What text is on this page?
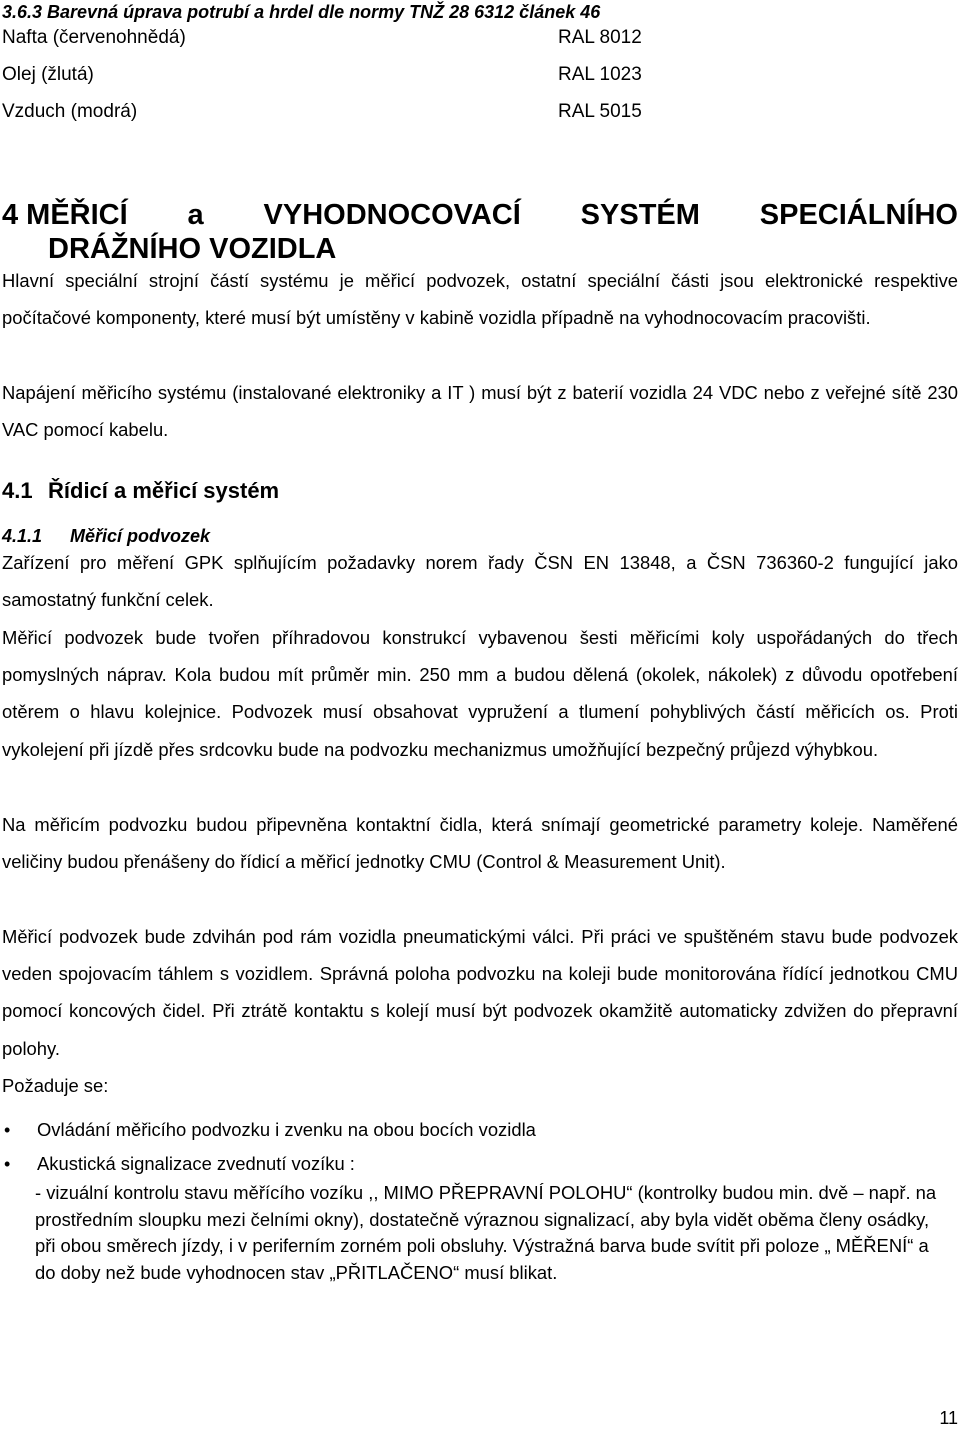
3.6.3 Barevná úprava potrubí a hrdel dle normy TNŽ 28 6312 článek 46
Nafta (červenohnědá)	RAL 8012
Olej (žlutá)	RAL 1023
Vzduch (modrá)	RAL 5015
4 MĚŘICÍ a VYHODNOCOVACÍ SYSTÉM SPECIÁLNÍHO
DRÁŽNÍHO VOZIDLA
Hlavní speciální strojní částí systému je měřicí podvozek, ostatní speciální části jsou elektronické respektive počítačové komponenty, které musí být umístěny v kabině vozidla případně na vyhodnocovacím pracovišti.
Napájení měřicího systému (instalované elektroniky a IT ) musí být z baterií vozidla 24 VDC nebo z veřejné sítě 230 VAC pomocí kabelu.
4.1 Řídicí a měřicí systém
4.1.1 Měřicí podvozek
Zařízení pro měření GPK splňujícím požadavky norem řady ČSN EN 13848, a ČSN 736360-2 fungující jako samostatný funkční celek.
Měřicí podvozek bude tvořen příhradovou konstrukcí vybavenou šesti měřicími koly uspořádaných do třech pomyslných náprav. Kola budou mít průměr min. 250 mm a budou dělená (okolek, nákolek) z důvodu opotřebení otěrem o hlavu kolejnice. Podvozek musí obsahovat vypružení a tlumení pohyblivých částí měřicích os. Proti vykolejení při jízdě přes srdcovku bude na podvozku mechanizmus umožňující bezpečný průjezd výhybkou.
Na měřicím podvozku budou připevněna kontaktní čidla, která snímají geometrické parametry koleje. Naměřené veličiny budou přenášeny do řídicí a měřicí jednotky CMU (Control & Measurement Unit).
Měřicí podvozek bude zdvihán pod rám vozidla pneumatickými válci. Při práci ve spuštěném stavu bude podvozek veden spojovacím táhlem s vozidlem. Správná poloha podvozku na koleji bude monitorována řídící jednotkou CMU pomocí koncových čidel. Při ztrátě kontaktu s kolejí musí být podvozek okamžitě automaticky zdvižen do přepravní polohy.
Požaduje se:
• Ovládání měřicího podvozku i zvenku na obou bocích vozidla
• Akustická signalizace zvednutí vozíku :
- vizuální kontrolu stavu měřícího vozíku ,, MIMO PŘEPRAVNÍ POLOHU“ (kontrolky budou min. dvě – např. na prostředním sloupku mezi čelními okny), dostatečně výraznou signalizací, aby byla vidět oběma členy osádky, při obou směrech jízdy, i v periferním zorném poli obsluhy. Výstražná barva bude svítit při poloze „ MĚŘENÍ“ a do doby než bude vyhodnocen stav „PŘITLAČENO“ musí blikat.
11
